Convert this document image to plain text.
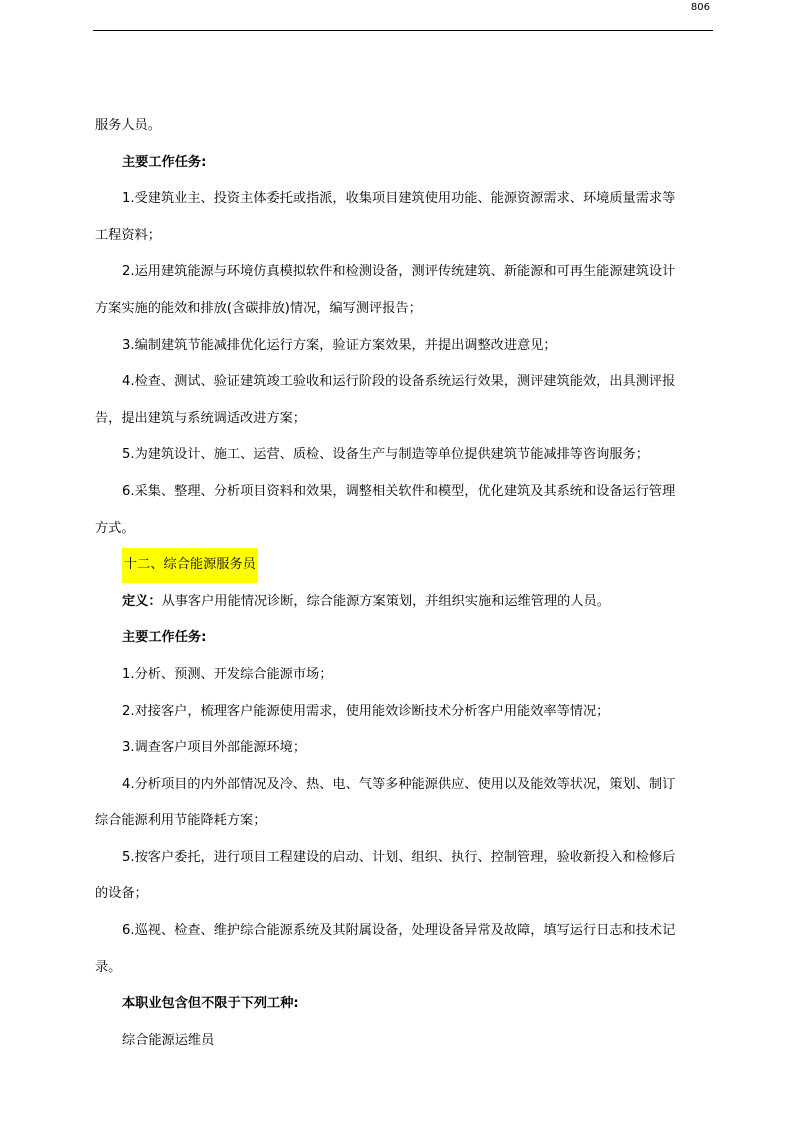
806
服务人员。
主要工作任务:
1.受建筑业主、投资主体委托或指派，收集项目建筑使用功能、能源资源需求、环境质量需求等
工程资料；
2.运用建筑能源与环境仿真模拟软件和检测设备，测评传统建筑、新能源和可再生能源建筑设计
方案实施的能效和排放(含碳排放)情况，编写测评报告；
3.编制建筑节能减排优化运行方案，验证方案效果，并提出调整改进意见；
4.检查、测试、验证建筑竣工验收和运行阶段的设备系统运行效果，测评建筑能效，出具测评报
告，提出建筑与系统调适改进方案；
5.为建筑设计、施工、运营、质检、设备生产与制造等单位提供建筑节能减排等咨询服务；
6.采集、整理、分析项目资料和效果，调整相关软件和模型，优化建筑及其系统和设备运行管理
方式。
十二、综合能源服务员
定义：从事客户用能情况诊断，综合能源方案策划，并组织实施和运维管理的人员。
主要工作任务:
1.分析、预测、开发综合能源市场；
2.对接客户，梳理客户能源使用需求，使用能效诊断技术分析客户用能效率等情况；
3.调查客户项目外部能源环境；
4.分析项目的内外部情况及冷、热、电、气等多种能源供应、使用以及能效等状况，策划、制订
综合能源利用节能降耗方案；
5.按客户委托，进行项目工程建设的启动、计划、组织、执行、控制管理，验收新投入和检修后
的设备；
6.巡视、检查、维护综合能源系统及其附属设备，处理设备异常及故障，填写运行日志和技术记
录。
本职业包含但不限于下列工种:
综合能源运维员
